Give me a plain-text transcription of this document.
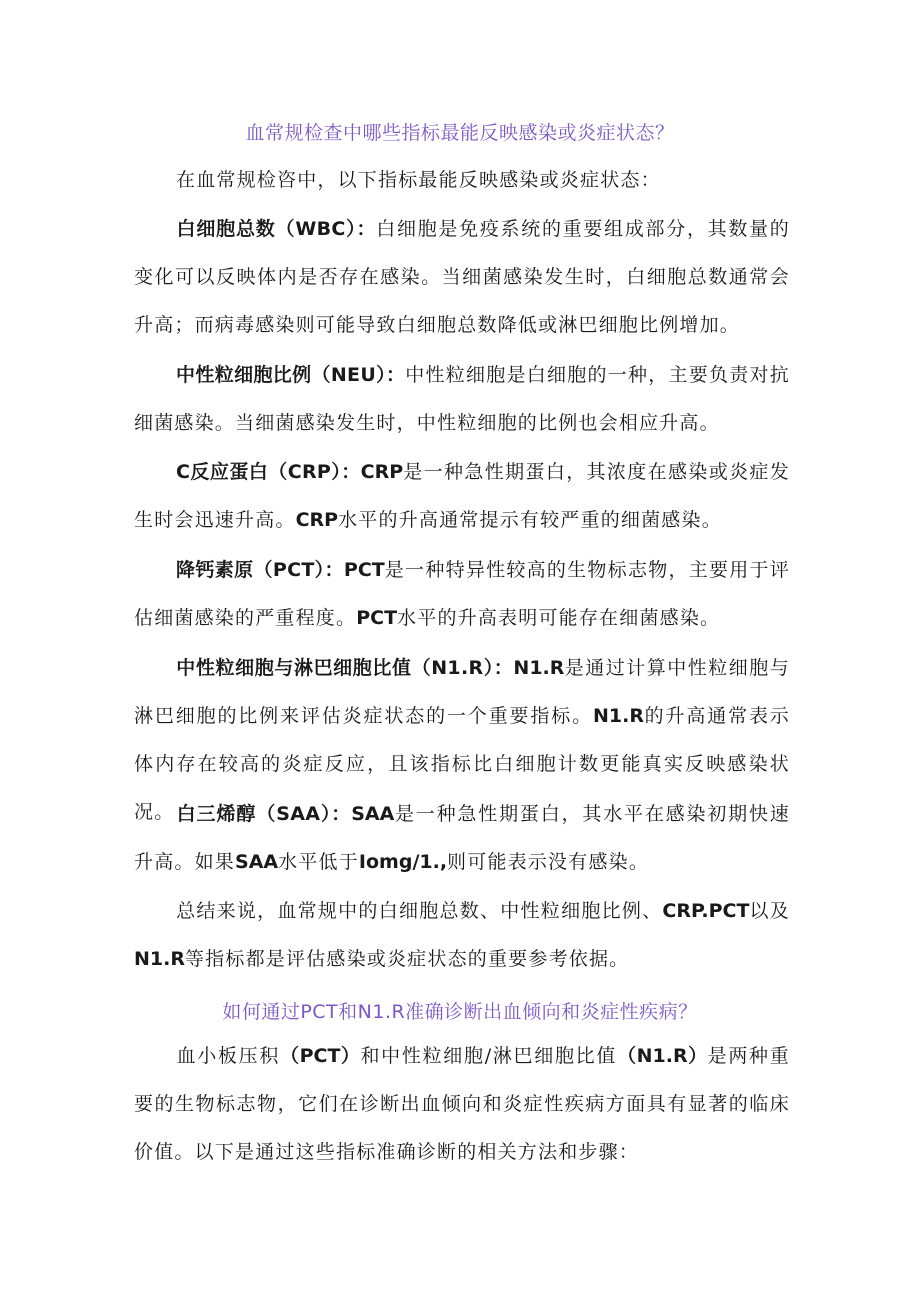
血常规检查中哪些指标最能反映感染或炎症状态？
在血常规检咨中，以下指标最能反映感染或炎症状态：
白细胞总数（WBC）：白细胞是免疫系统的重要组成部分，其数量的变化可以反映体内是否存在感染。当细菌感染发生时，白细胞总数通常会升高；而病毒感染则可能导致白细胞总数降低或淋巴细胞比例增加。
中性粒细胞比例（NEU）：中性粒细胞是白细胞的一种，主要负责对抗细菌感染。当细菌感染发生时，中性粒细胞的比例也会相应升高。
C反应蛋白（CRP）：CRP是一种急性期蛋白，其浓度在感染或炎症发生时会迅速升高。CRP水平的升高通常提示有较严重的细菌感染。
降钙素原（PCT）：PCT是一种特异性较高的生物标志物，主要用于评估细菌感染的严重程度。PCT水平的升高表明可能存在细菌感染。
中性粒细胞与淋巴细胞比值（N1.R）：N1.R是通过计算中性粒细胞与淋巴细胞的比例来评估炎症状态的一个重要指标。N1.R的升高通常表示体内存在较高的炎症反应，且该指标比白细胞计数更能真实反映感染状况。 白三烯醇（SAA）：SAA是一种急性期蛋白，其水平在感染初期快速升高。如果SAA水平低于Iomg/1.,则可能表示没有感染。
总结来说，血常规中的白细胞总数、中性粒细胞比例、CRP.PCT以及N1.R等指标都是评估感染或炎症状态的重要参考依据。
如何通过PCT和N1.R准确诊断出血倾向和炎症性疾病？
血小板压积（PCT）和中性粒细胞/淋巴细胞比值（N1.R）是两种重要的生物标志物，它们在诊断出血倾向和炎症性疾病方面具有显著的临床价值。以下是通过这些指标准确诊断的相关方法和步骤：
